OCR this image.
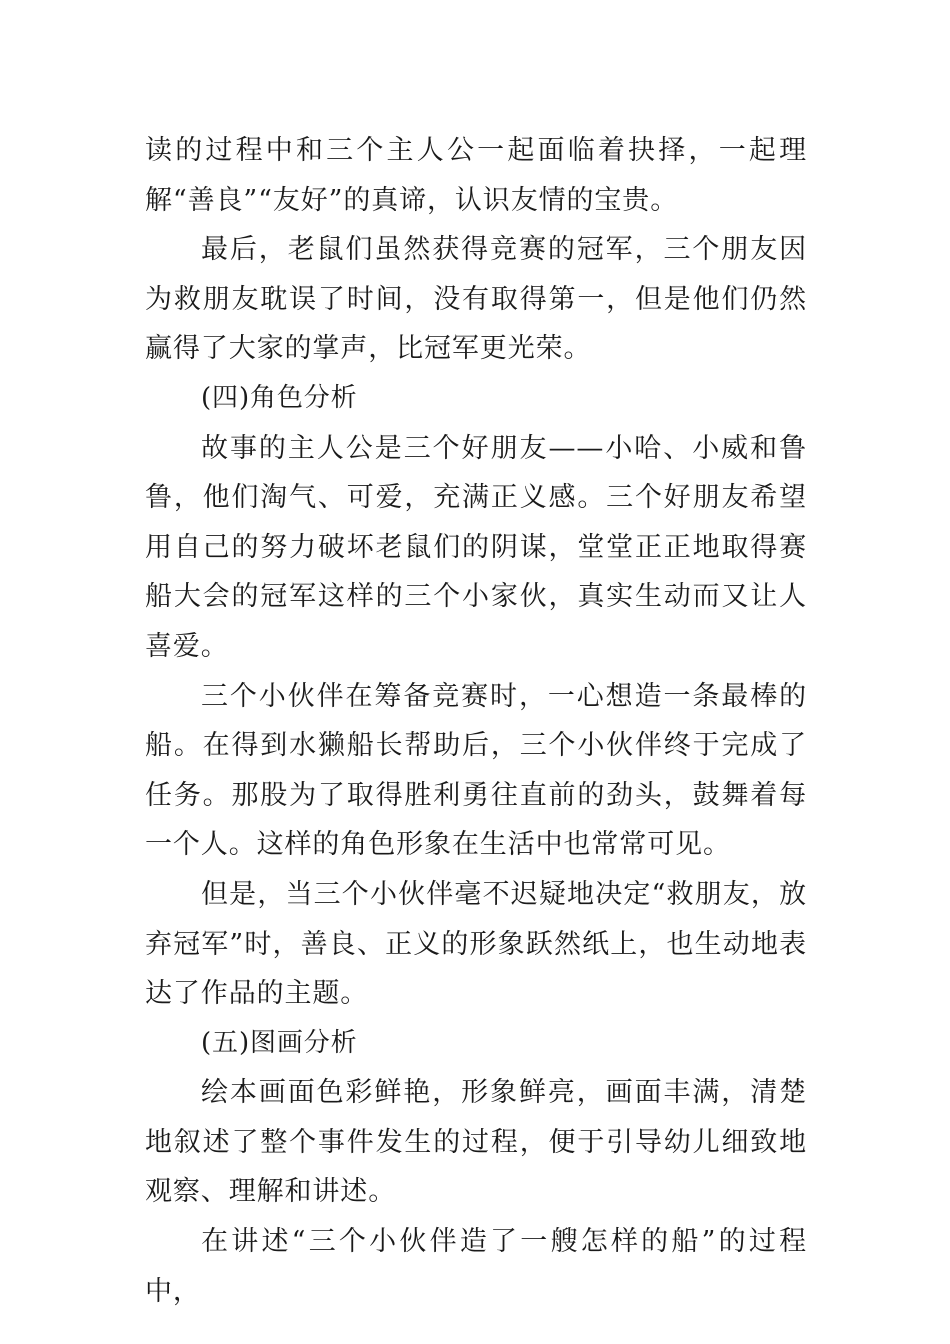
读的过程中和三个主人公一起面临着抉择，一起理解“善良”“友好”的真谛，认识友情的宝贵。

最后，老鼠们虽然获得竞赛的冠军，三个朋友因为救朋友耽误了时间，没有取得第一，但是他们仍然赢得了大家的掌声，比冠军更光荣。

(四)角色分析

故事的主人公是三个好朋友——小哈、小威和鲁鲁，他们淘气、可爱，充满正义感。三个好朋友希望用自己的努力破坏老鼠们的阴谋，堂堂正正地取得赛船大会的冠军这样的三个小家伙，真实生动而又让人喜爱。

三个小伙伴在筹备竞赛时，一心想造一条最棒的船。在得到水獭船长帮助后，三个小伙伴终于完成了任务。那股为了取得胜利勇往直前的劲头，鼓舞着每一个人。这样的角色形象在生活中也常常可见。

但是，当三个小伙伴毫不迟疑地决定“救朋友，放弃冠军”时，善良、正义的形象跃然纸上，也生动地表达了作品的主题。

(五)图画分析

绘本画面色彩鲜艳，形象鲜亮，画面丰满，清楚地叙述了整个事件发生的过程，便于引导幼儿细致地观察、理解和讲述。

在讲述“三个小伙伴造了一艘怎样的船”的过程中，
